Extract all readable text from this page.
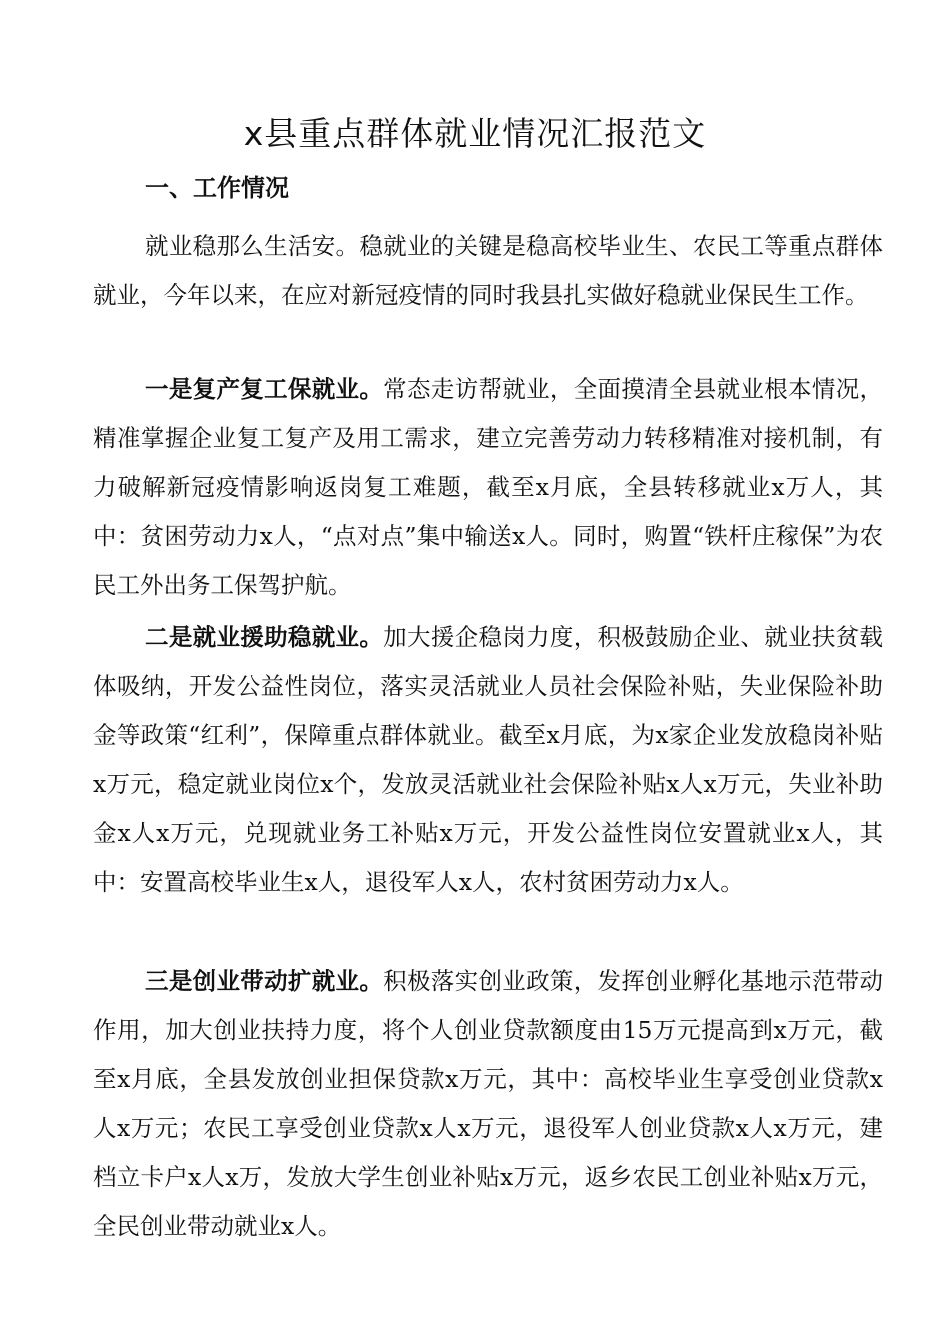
x县重点群体就业情况汇报范文
一、工作情况

就业稳那么生活安。稳就业的关键是稳高校毕业生、农民工等重点群体就业，今年以来，在应对新冠疫情的同时我县扎实做好稳就业保民生工作。

一是复产复工保就业。常态走访帮就业，全面摸清全县就业根本情况，精准掌握企业复工复产及用工需求，建立完善劳动力转移精准对接机制，有力破解新冠疫情影响返岗复工难题，截至x月底，全县转移就业x万人，其中：贫困劳动力x人，“点对点”集中输送x人。同时，购置“铁杆庄稼保”为农民工外出务工保驾护航。

二是就业援助稳就业。加大援企稳岗力度，积极鼓励企业、就业扶贫载体吸纳，开发公益性岗位，落实灵活就业人员社会保险补贴，失业保险补助金等政策“红利”，保障重点群体就业。截至x月底，为x家企业发放稳岗补贴x万元，稳定就业岗位x个，发放灵活就业社会保险补贴x人x万元，失业补助金x人x万元，兑现就业务工补贴x万元，开发公益性岗位安置就业x人，其中：安置高校毕业生x人，退役军人x人，农村贫困劳动力x人。

三是创业带动扩就业。积极落实创业政策，发挥创业孵化基地示范带动作用，加大创业扶持力度，将个人创业贷款额度由15万元提高到x万元，截至x月底，全县发放创业担保贷款x万元，其中：高校毕业生享受创业贷款x人x万元；农民工享受创业贷款x人x万元，退役军人创业贷款x人x万元，建档立卡户x人x万，发放大学生创业补贴x万元，返乡农民工创业补贴x万元，全民创业带动就业x人。
